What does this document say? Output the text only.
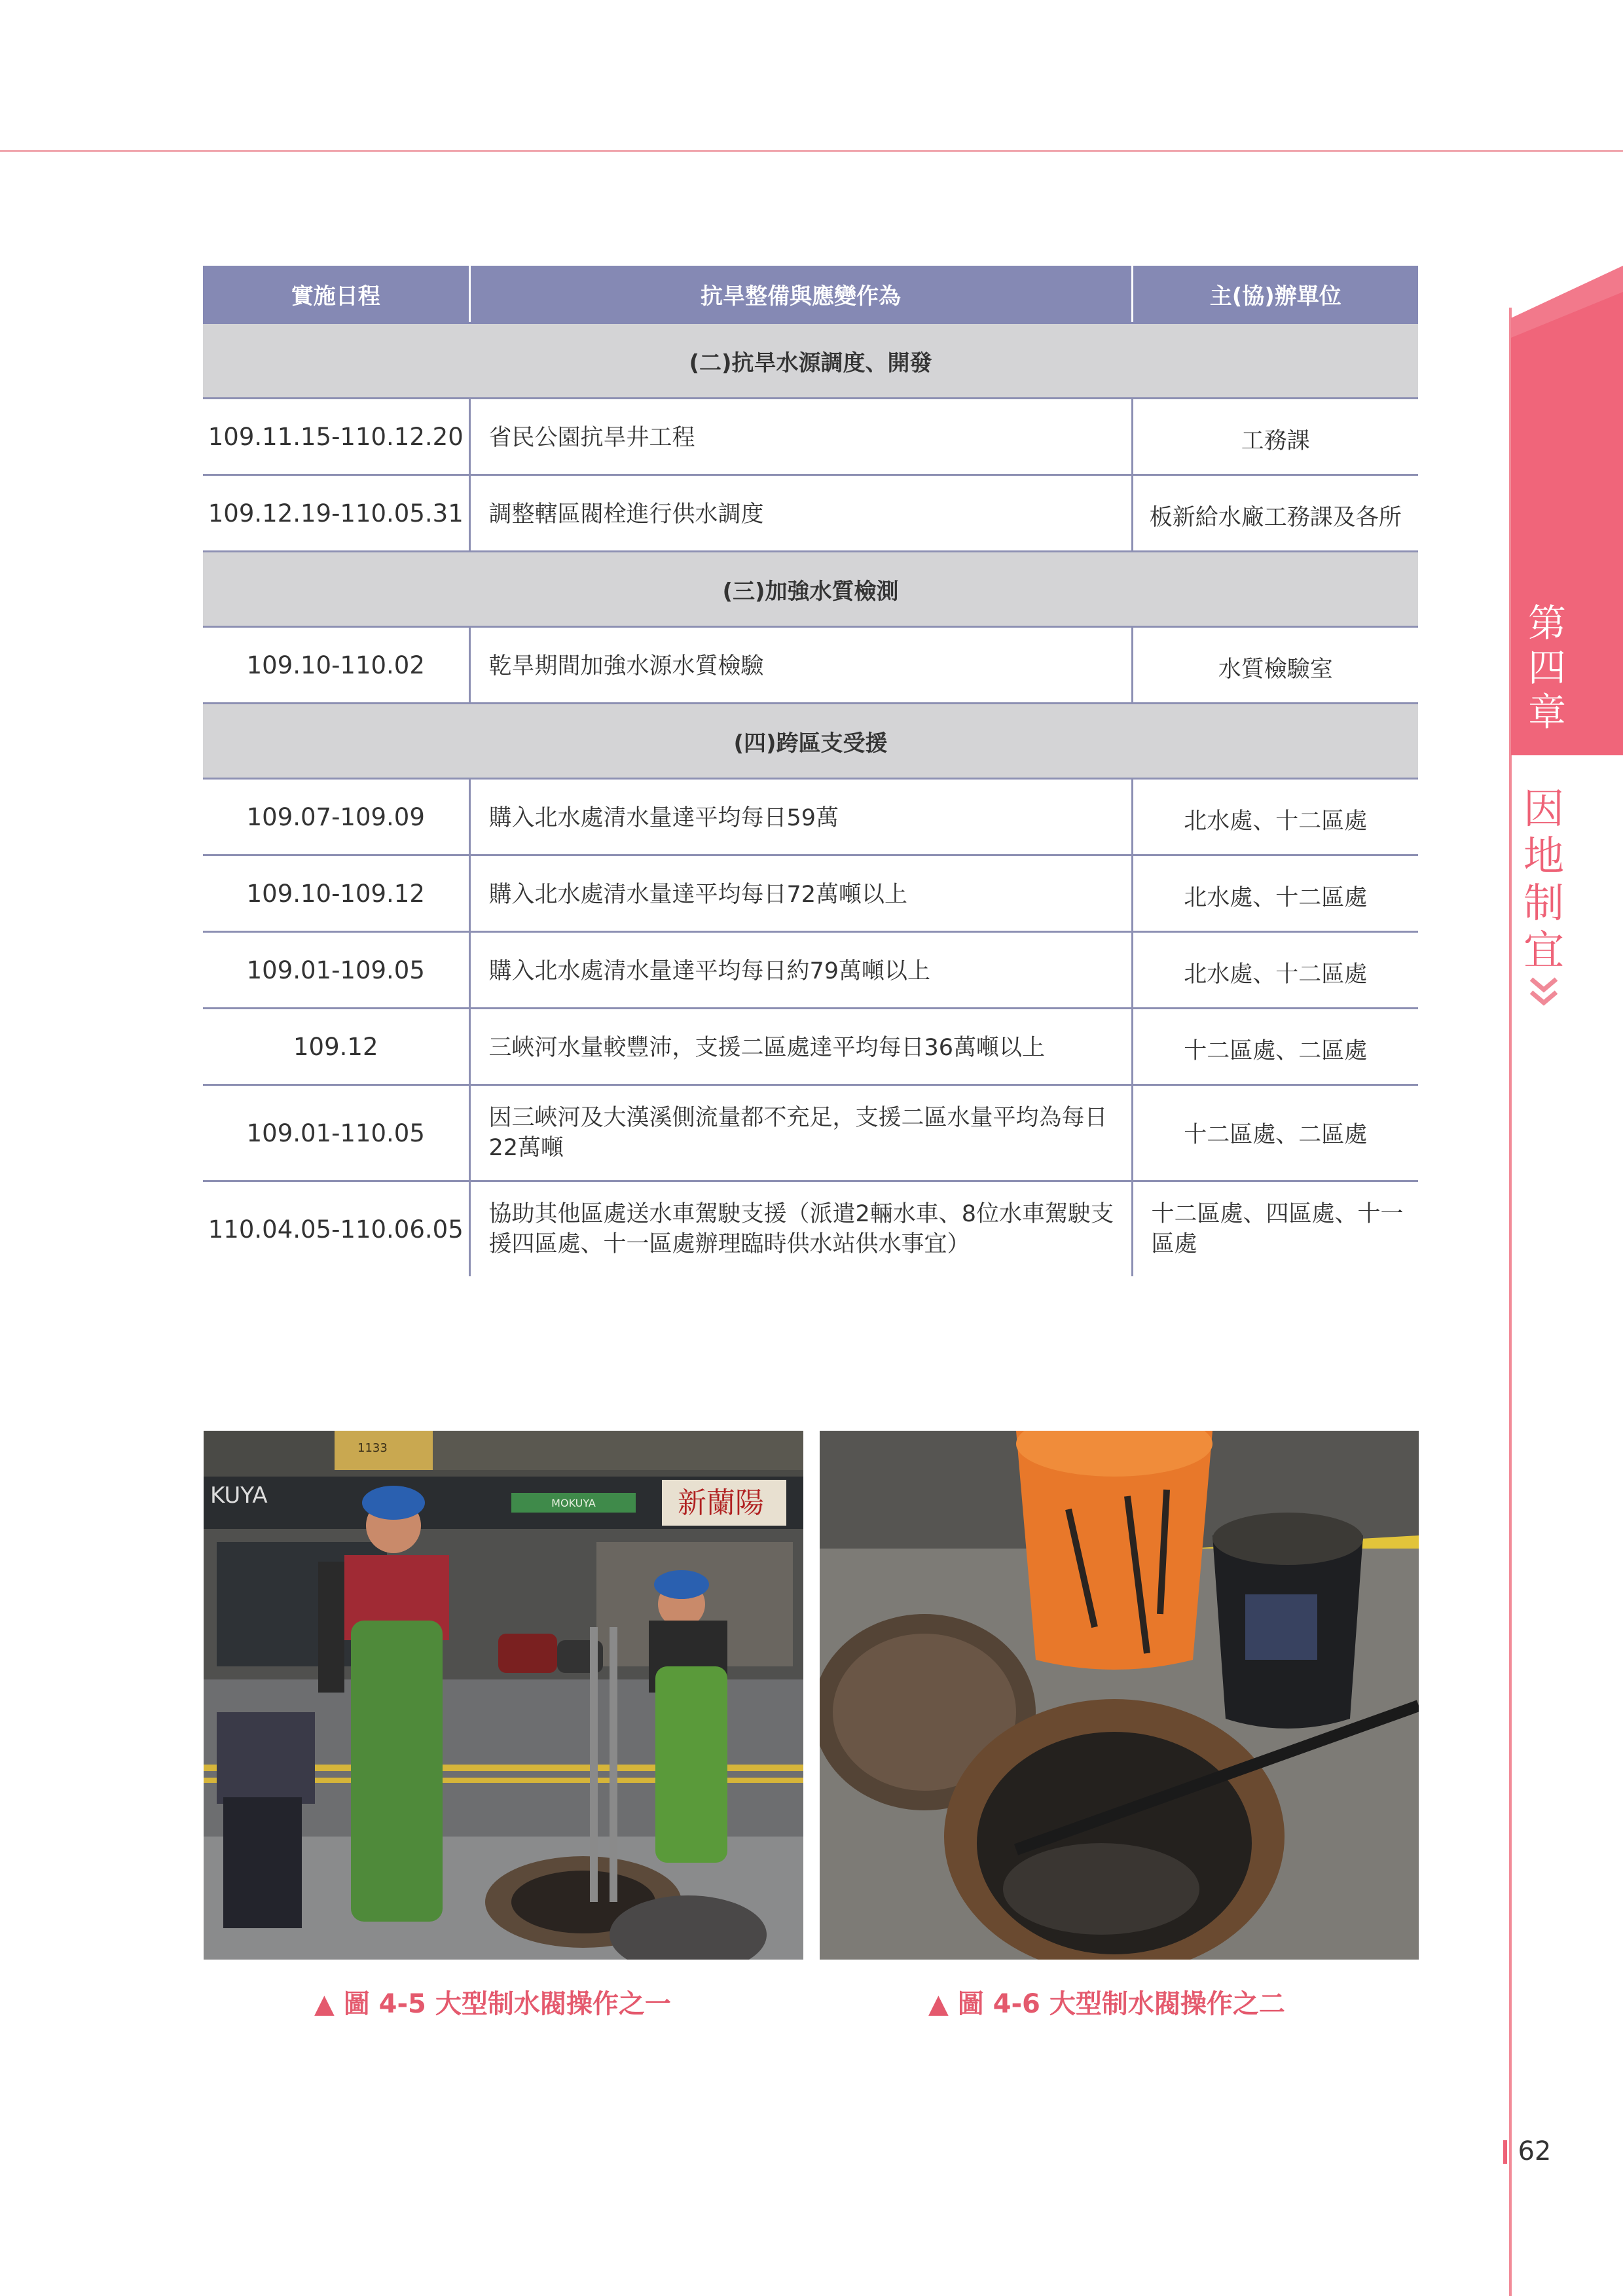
第
四
章
因
地
制
宜
實施日程	抗旱整備與應變作為	主(協)辦單位
(二)抗旱水源調度、開發		
109.11.15-110.12.20	省民公園抗旱井工程	工務課
109.12.19-110.05.31	調整轄區閥栓進行供水調度	板新給水廠工務課及各所
(三)加強水質檢測		
109.10-110.02	乾旱期間加強水源水質檢驗	水質檢驗室
(四)跨區支受援		
109.07-109.09	購入北水處清水量達平均每日59萬	北水處、十二區處
109.10-109.12	購入北水處清水量達平均每日72萬噸以上	北水處、十二區處
109.01-109.05	購入北水處清水量達平均每日約79萬噸以上	北水處、十二區處
109.12	三峽河水量較豐沛，支援二區處達平均每日36萬噸以上	十二區處、二區處
109.01-110.05	因三峽河及大漢溪側流量都不充足，支援二區水量平均為每日22萬噸	十二區處、二區處
110.04.05-110.06.05	協助其他區處送水車駕駛支援（派遣2輛水車、8位水車駕駛支援四區處、十一區處辦理臨時供水站供水事宜）	十二區處、四區處、十一區處
新蘭陽
KUYA	MOKUYA
1133
▲ 圖 4-5 大型制水閥操作之一	▲ 圖 4-6 大型制水閥操作之二
62
